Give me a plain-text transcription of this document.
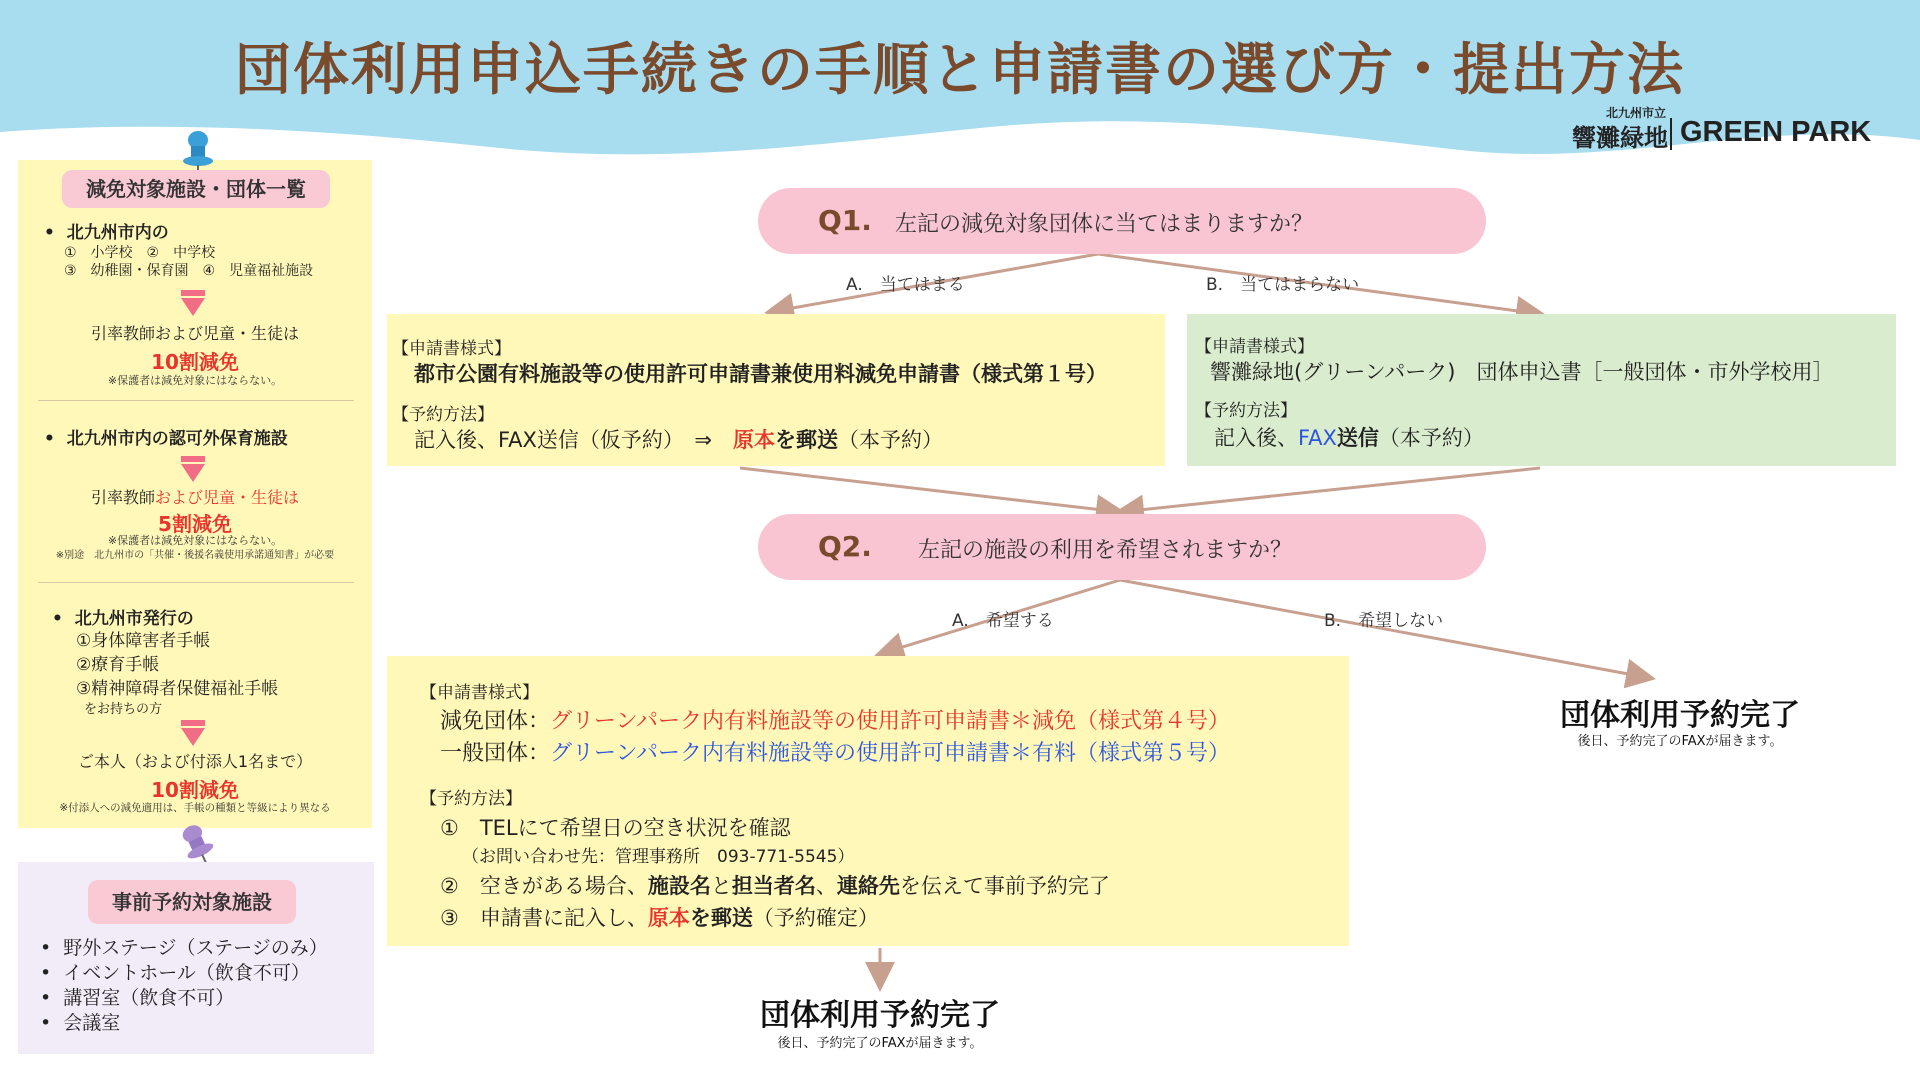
団体利用申込手続きの手順と申請書の選び方・提出方法
北九州市立
響灘緑地 GREEN PARK
減免対象施設・団体一覧
•  北九州市内の
①　小学校　②　中学校
③　幼稚園・保育園　④　児童福祉施設
引率教師および児童・生徒は
10割減免
※保護者は減免対象にはならない。
•  北九州市内の認可外保育施設
引率教師および児童・生徒は
5割減免
※保護者は減免対象にはならない。
※別途　北九州市の「共催・後援名義使用承諾通知書」が必要
•  北九州市発行の
①身体障害者手帳
②療育手帳
③精神障碍者保健福祉手帳
をお持ちの方
ご本人（および付添人1名まで）
10割減免
※付添人への減免適用は、手帳の種類と等級により異なる
事前予約対象施設
•  野外ステージ（ステージのみ）
•  イベントホール（飲食不可）
•  講習室（飲食不可）
•  会議室
Q1. 左記の減免対象団体に当てはまりますか？
A.　当てはまる	B.　当てはまらない
【申請書様式】
都市公園有料施設等の使用許可申請書兼使用料減免申請書（様式第１号）
【予約方法】
記入後、FAX送信（仮予約）　⇒　原本を郵送（本予約）
【申請書様式】
響灘緑地(グリーンパーク)　団体申込書［一般団体・市外学校用］
【予約方法】
記入後、FAX送信（本予約）
Q2. 左記の施設の利用を希望されますか？
A.　希望する	B.　希望しない
【申請書様式】
減免団体：グリーンパーク内有料施設等の使用許可申請書＊減免（様式第４号）
一般団体：グリーンパーク内有料施設等の使用許可申請書＊有料（様式第５号）
【予約方法】
①　TELにて希望日の空き状況を確認
（お問い合わせ先：管理事務所　093-771-5545）
②　空きがある場合、施設名と担当者名、連絡先を伝えて事前予約完了
③　申請書に記入し、原本を郵送（予約確定）
団体利用予約完了
後日、予約完了のFAXが届きます。
団体利用予約完了
後日、予約完了のFAXが届きます。
